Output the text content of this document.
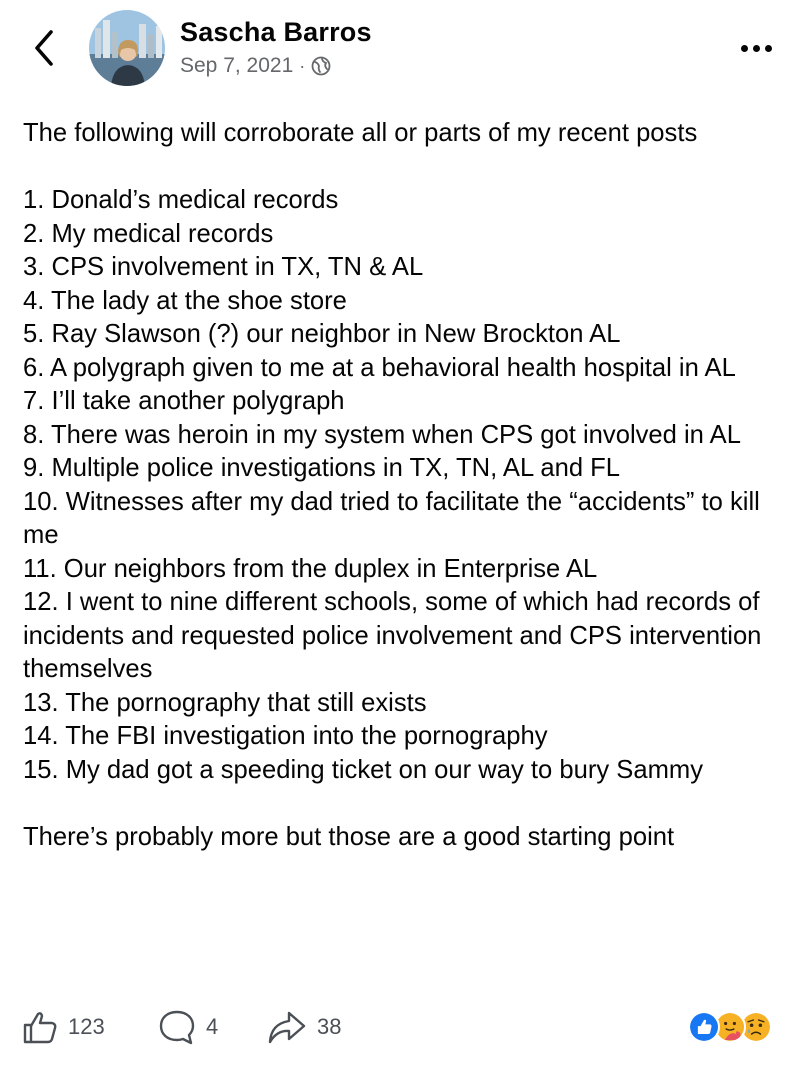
Sascha Barros
Sep 7, 2021 ·

The following will corroborate all or parts of my recent posts

1. Donald’s medical records

2. My medical records

3. CPS involvement in TX, TN & AL

4. The lady at the shoe store

5. Ray Slawson (?) our neighbor in New Brockton AL

6. A polygraph given to me at a behavioral health hospital in AL

7. I’ll take another polygraph

8. There was heroin in my system when CPS got involved in AL

9. Multiple police investigations in TX, TN, AL and FL

10. Witnesses after my dad tried to facilitate the “accidents” to kill me

11. Our neighbors from the duplex in Enterprise AL

12. I went to nine different schools, some of which had records of incidents and requested police involvement and CPS intervention themselves

13. The pornography that still exists

14. The FBI investigation into the pornography

15. My dad got a speeding ticket on our way to bury Sammy

There’s probably more but those are a good starting point

123	4	38
